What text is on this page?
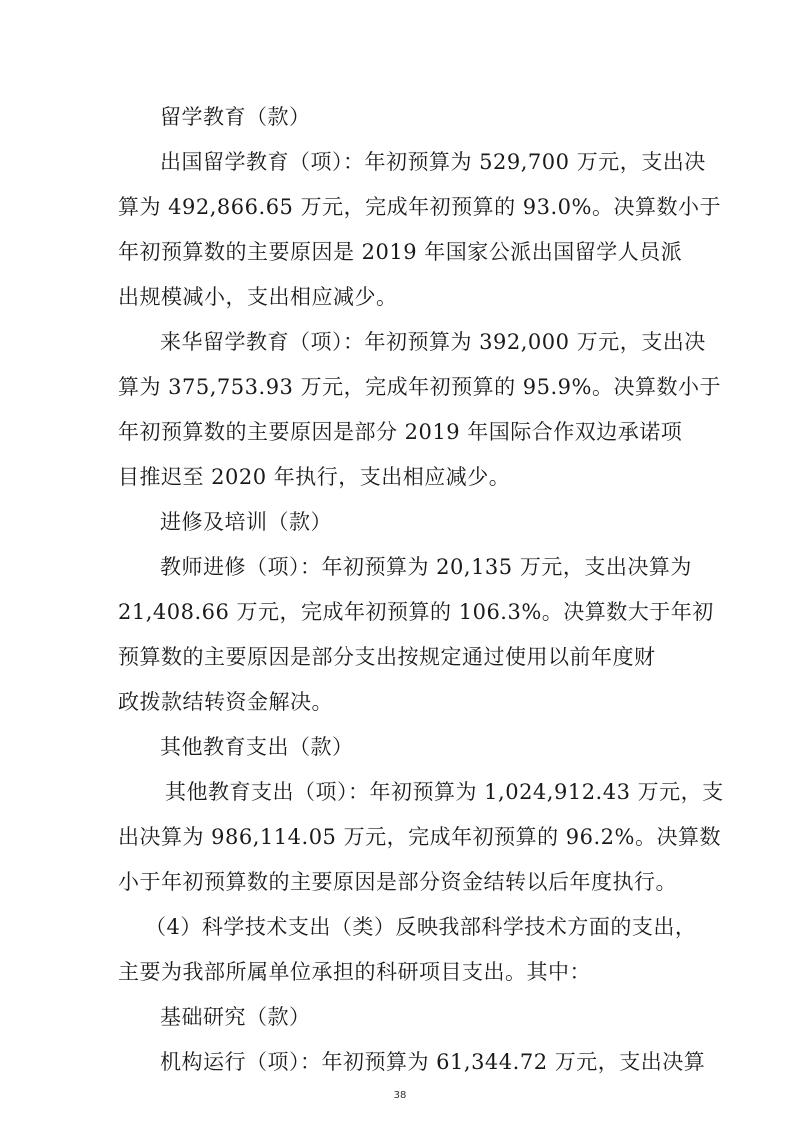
留学教育（款）
出国留学教育（项）：年初预算为 529,700 万元，支出决
算为 492,866.65 万元，完成年初预算的 93.0%。决算数小于
年初预算数的主要原因是 2019 年国家公派出国留学人员派
出规模减小，支出相应减少。
来华留学教育（项）：年初预算为 392,000 万元，支出决
算为 375,753.93 万元，完成年初预算的 95.9%。决算数小于
年初预算数的主要原因是部分 2019 年国际合作双边承诺项
目推迟至 2020 年执行，支出相应减少。
进修及培训（款）
教师进修（项）：年初预算为 20,135 万元，支出决算为
21,408.66 万元，完成年初预算的 106.3%。决算数大于年初
预算数的主要原因是部分支出按规定通过使用以前年度财
政拨款结转资金解决。
其他教育支出（款）
其他教育支出（项）：年初预算为 1,024,912.43 万元，支
出决算为 986,114.05 万元，完成年初预算的 96.2%。决算数
小于年初预算数的主要原因是部分资金结转以后年度执行。
（4）科学技术支出（类）反映我部科学技术方面的支出，
主要为我部所属单位承担的科研项目支出。其中：
基础研究（款）
机构运行（项）：年初预算为 61,344.72 万元，支出决算
38
